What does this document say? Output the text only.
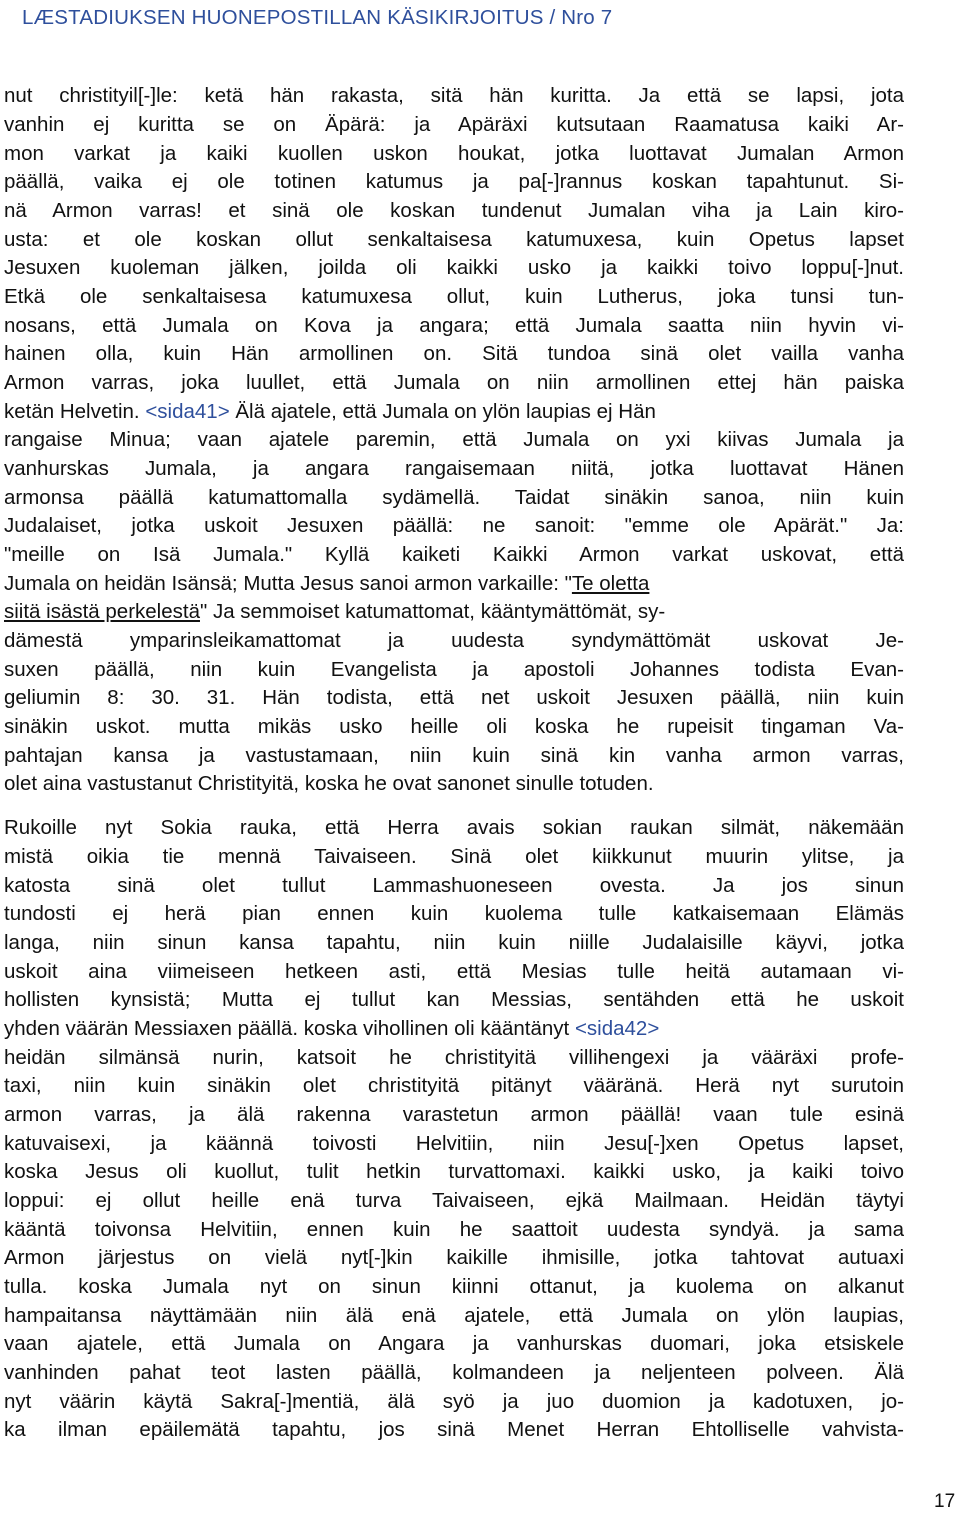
LÆSTADIUKSEN HUONEPOSTILLAN KÄSIKIRJOITUS / Nro 7
nut christityil[-]le: ketä hän rakasta, sitä hän kuritta. Ja että se lapsi, jota
vanhin ej kuritta se on Äpärä: ja Apäräxi kutsutaan Raamatusa kaiki Ar-
mon varkat ja kaiki kuollen uskon houkat, jotka luottavat Jumalan Armon
päällä, vaika ej ole totinen katumus ja pa[-]rannus koskan tapahtunut. Si-
nä Armon varras! et sinä ole koskan tundenut Jumalan viha ja Lain kiro-
usta: et ole koskan ollut senkaltaisesa katumuxesa, kuin Opetus lapset
Jesuxen kuoleman jälken, joilda oli kaikki usko ja kaikki toivo loppu[-]nut.
Etkä ole senkaltaisesa katumuxesa ollut, kuin Lutherus, joka tunsi tun-
nosans, että Jumala on Kova ja angara; että Jumala saatta niin hyvin vi-
hainen olla, kuin Hän armollinen on. Sitä tundoa sinä olet vailla vanha
Armon varras, joka luullet, että Jumala on niin armollinen ettej hän paiska
ketän Helvetin. <sida41> Älä ajatele, että Jumala on ylön laupias ej Hän
rangaise Minua; vaan ajatele paremin, että Jumala on yxi kiivas Jumala ja
vanhurskas Jumala, ja angara rangaisemaan niitä, jotka luottavat Hänen
armonsa päällä katumattomalla sydämellä. Taidat sinäkin sanoa, niin kuin
Judalaiset, jotka uskoit Jesuxen päällä: ne sanoit: "emme ole Apärät." Ja:
"meille on Isä Jumala." Kyllä kaiketi Kaikki Armon varkat uskovat, että
Jumala on heidän Isänsä; Mutta Jesus sanoi armon varkaille: "Te oletta
siitä isästä perkelestä" Ja semmoiset katumattomat, kääntymättömät, sy-
dämestä ymparinsleikamattomat ja uudesta syndymättömät uskovat Je-
suxen päällä, niin kuin Evangelista ja apostoli Johannes todista Evan-
geliumin 8: 30. 31. Hän todista, että net uskoit Jesuxen päällä, niin kuin
sinäkin uskot. mutta mikäs usko heille oli koska he rupeisit tingaman Va-
pahtajan kansa ja vastustamaan, niin kuin sinä kin vanha armon varras,
olet aina vastustanut Christityitä, koska he ovat sanonet sinulle totuden.
Rukoille nyt Sokia rauka, että Herra avais sokian raukan silmät, näkemään
mistä oikia tie mennä Taivaiseen. Sinä olet kiikkunut muurin ylitse, ja
katosta sinä olet tullut Lammashuoneseen ovesta. Ja jos sinun
tundosti ej herä pian ennen kuin kuolema tulle katkaisemaan Elämäs
langa, niin sinun kansa tapahtu, niin kuin niille Judalaisille käyvi, jotka
uskoit aina viimeiseen hetkeen asti, että Mesias tulle heitä autamaan vi-
hollisten kynsistä; Mutta ej tullut kan Messias, sentähden että he uskoit
yhden väärän Messiaxen päällä. koska vihollinen oli kääntänyt <sida42>
heidän silmänsä nurin, katsoit he christityitä villihengexi ja vääräxi profe-
taxi, niin kuin sinäkin olet christityitä pitänyt vääränä. Herä nyt surutoin
armon varras, ja älä rakenna varastetun armon päällä! vaan tule esinä
katuvaisexi, ja käännä toivosti Helvitiin, niin Jesu[-]xen Opetus lapset,
koska Jesus oli kuollut, tulit hetkin turvattomaxi. kaikki usko, ja kaiki toivo
loppui: ej ollut heille enä turva Taivaiseen, ejkä Mailmaan. Heidän täytyi
kääntä toivonsa Helvitiin, ennen kuin he saattoit uudesta syndyä. ja sama
Armon järjestus on vielä nyt[-]kin kaikille ihmisille, jotka tahtovat autuaxi
tulla. koska Jumala nyt on sinun kiinni ottanut, ja kuolema on alkanut
hampaitansa näyttämään niin älä enä ajatele, että Jumala on ylön laupias,
vaan ajatele, että Jumala on Angara ja vanhurskas duomari, joka etsiskele
vanhinden pahat teot lasten päällä, kolmandeen ja neljenteen polveen. Älä
nyt väärin käytä Sakra[-]mentiä, älä syö ja juo duomion ja kadotuxen, jo-
ka ilman epäilemätä tapahtu, jos sinä Menet Herran Ehtolliselle vahvista-
17
